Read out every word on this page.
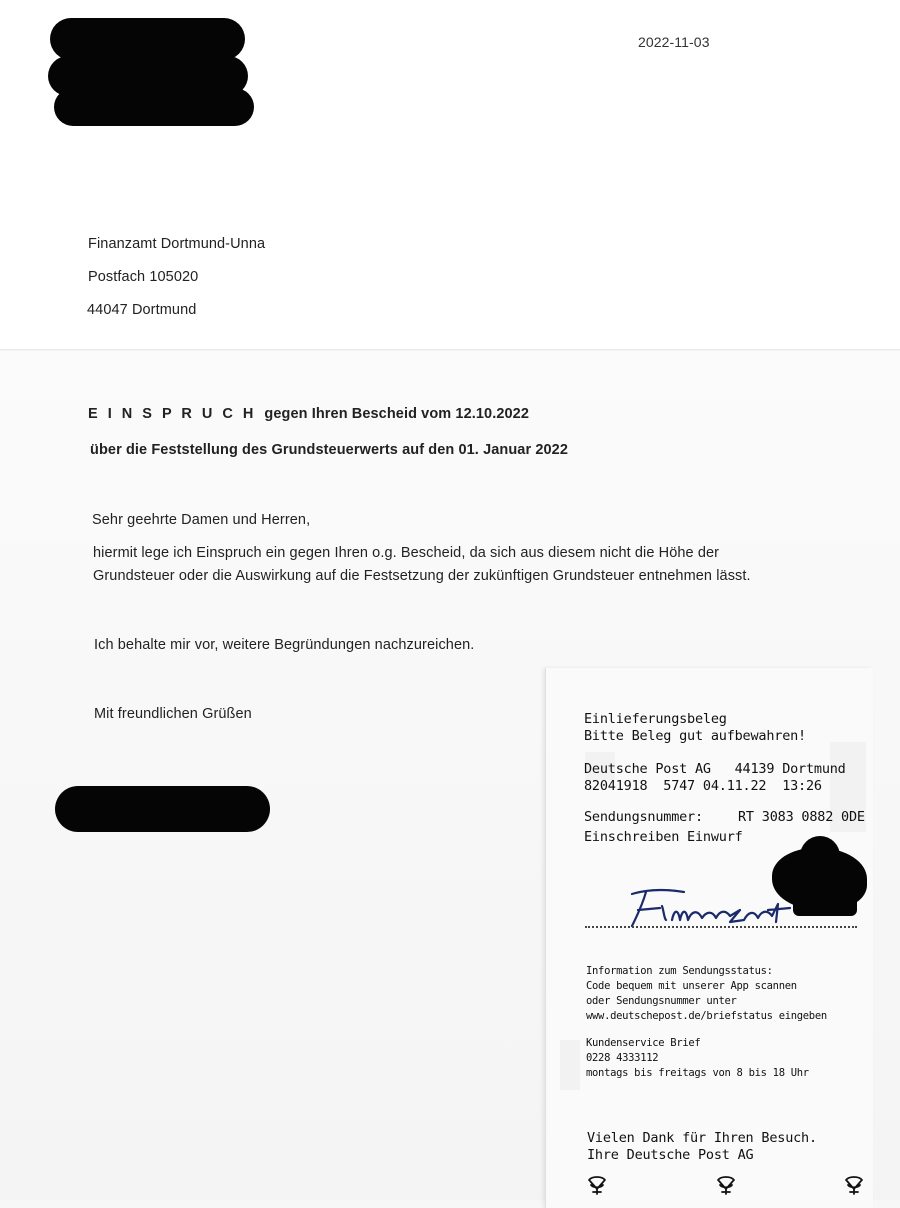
2022-11-03
Finanzamt Dortmund-Unna
Postfach 105020
44047 Dortmund
E I N S P R U C H gegen Ihren Bescheid vom 12.10.2022
über die Feststellung des Grundsteuerwerts auf den 01. Januar 2022
Sehr geehrte Damen und Herren,
hiermit lege ich Einspruch ein gegen Ihren o.g. Bescheid, da sich aus diesem nicht die Höhe der
Grundsteuer oder die Auswirkung auf die Festsetzung der zukünftigen Grundsteuer entnehmen lässt.
Ich behalte mir vor, weitere Begründungen nachzureichen.
Mit freundlichen Grüßen	Einlieferungsbeleg
Bitte Beleg gut aufbewahren!
Deutsche Post AG   44139 Dortmund
82041918  5747 04.11.22  13:26
Sendungsnummer:	RT 3083 0882 0DE
Einschreiben Einwurf
Information zum Sendungsstatus:
Code bequem mit unserer App scannen
oder Sendungsnummer unter
www.deutschepost.de/briefstatus eingeben
Kundenservice Brief
0228 4333112
montags bis freitags von 8 bis 18 Uhr
Vielen Dank für Ihren Besuch.
Ihre Deutsche Post AG
